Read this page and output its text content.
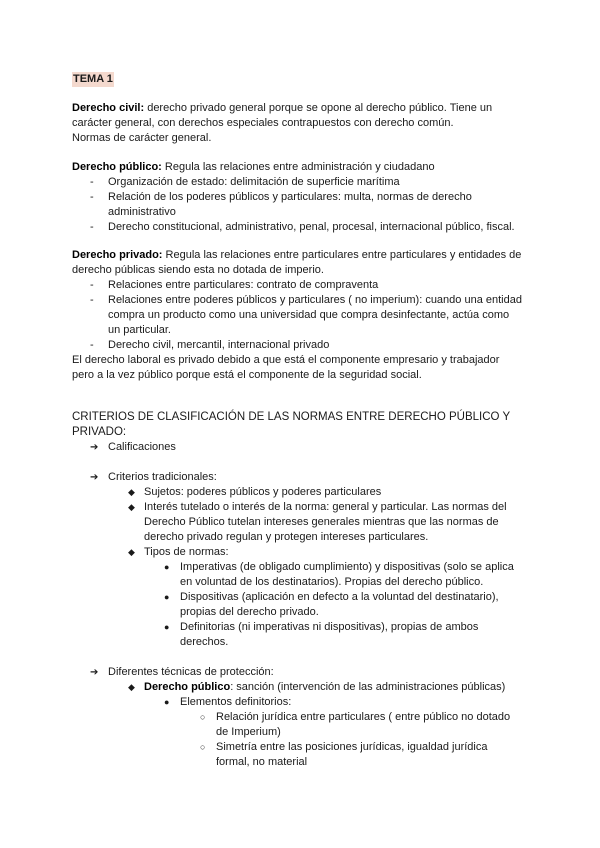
TEMA 1
Derecho civil: derecho privado general porque se opone al derecho público. Tiene un
carácter general, con derechos especiales contrapuestos con derecho común.
Normas de carácter general.
Derecho público: Regula las relaciones entre administración y ciudadano
- Organización de estado: delimitación de superficie marítima
- Relación de los poderes públicos y particulares: multa, normas de derecho
administrativo
- Derecho constitucional, administrativo, penal, procesal, internacional público, fiscal.
Derecho privado: Regula las relaciones entre particulares entre particulares y entidades de
derecho públicas siendo esta no dotada de imperio.
- Relaciones entre particulares: contrato de compraventa
- Relaciones entre poderes públicos y particulares ( no imperium): cuando una entidad
compra un producto como una universidad que compra desinfectante, actúa como
un particular.
- Derecho civil, mercantil, internacional privado
El derecho laboral es privado debido a que está el componente empresario y trabajador
pero a la vez público porque está el componente de la seguridad social.
CRITERIOS DE CLASIFICACIÓN DE LAS NORMAS ENTRE DERECHO PÚBLICO Y
PRIVADO:
➔ Calificaciones
➔ Criterios tradicionales:
◆ Sujetos: poderes públicos y poderes particulares
◆ Interés tutelado o interés de la norma: general y particular. Las normas del
Derecho Público tutelan intereses generales mientras que las normas de
derecho privado regulan y protegen intereses particulares.
◆ Tipos de normas:
● Imperativas (de obligado cumplimiento) y dispositivas (solo se aplica
en voluntad de los destinatarios). Propias del derecho público.
● Dispositivas (aplicación en defecto a la voluntad del destinatario),
propias del derecho privado.
● Definitorias (ni imperativas ni dispositivas), propias de ambos
derechos.
➔ Diferentes técnicas de protección:
◆ Derecho público: sanción (intervención de las administraciones públicas)
● Elementos definitorios:
○ Relación jurídica entre particulares ( entre público no dotado
de Imperium)
○ Simetría entre las posiciones jurídicas, igualdad jurídica
formal, no material
